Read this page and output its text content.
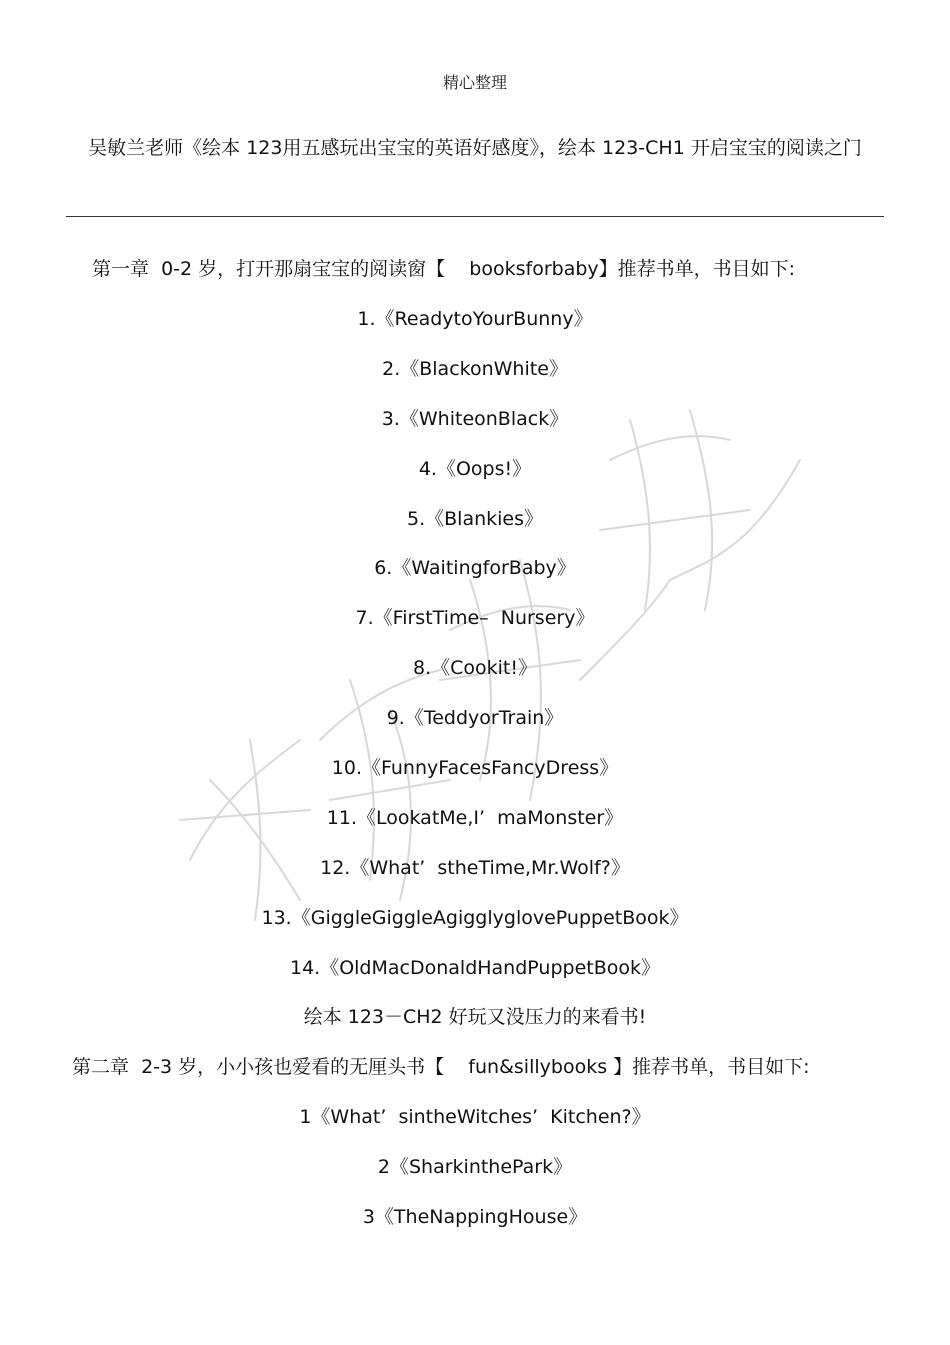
精心整理
吴敏兰老师《绘本 123用五感玩出宝宝的英语好感度》，绘本 123-CH1 开启宝宝的阅读之门
第一章  0-2 岁，打开那扇宝宝的阅读窗【    booksforbaby】推荐书单，书目如下:
1.《ReadytoYourBunny》
2.《BlackonWhite》
3.《WhiteonBlack》
4.《Oops!》
5.《Blankies》
6.《WaitingforBaby》
7.《FirstTime–  Nursery》
8.《Cookit!》
9.《TeddyorTrain》
10.《FunnyFacesFancyDress》
11.《LookatMe,I’  maMonster》
12.《What’  stheTime,Mr.Wolf?》
13.《GiggleGiggleAgigglyglovePuppetBook》
14.《OldMacDonaldHandPuppetBook》
绘本 123－CH2 好玩又没压力的来看书!
第二章  2-3 岁，小小孩也爱看的无厘头书【    fun&sillybooks 】推荐书单，书目如下:
1《What’  sintheWitches’  Kitchen?》
2《SharkinthePark》
3《TheNappingHouse》
